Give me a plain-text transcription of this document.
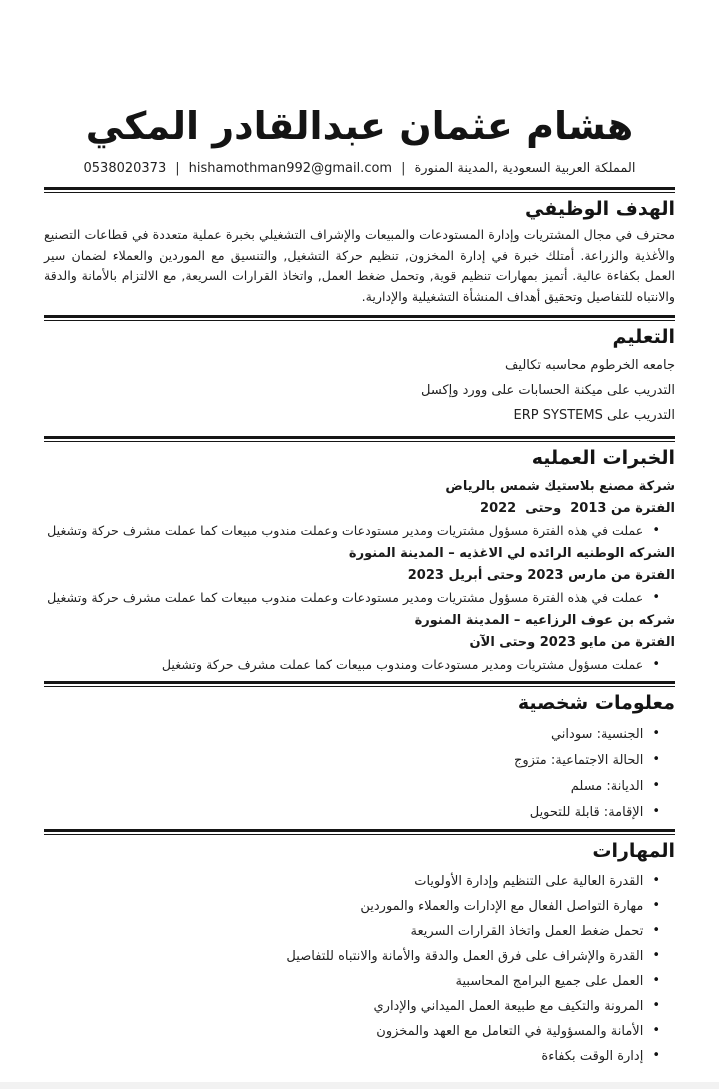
هشام عثمان عبدالقادر المكي
المملكة العربية السعودية ,المدينة المنورة
|
hishamothman992@gmail.com
|
0538020373
الهدف الوظيفي

محترف في مجال المشتريات وإدارة المستودعات والمبيعات والإشراف التشغيلي بخبرة عملية متعددة في قطاعات التصنيع والأغذية والزراعة. أمتلك خبرة في إدارة المخزون, تنظيم حركة التشغيل, والتنسيق مع الموردين والعملاء لضمان سير العمل بكفاءة عالية. أتميز بمهارات تنظيم قوية, وتحمل ضغط العمل, واتخاذ القرارات السريعة, مع الالتزام بالأمانة والدقة والانتباه للتفاصيل وتحقيق أهداف المنشأة التشغيلية والإدارية.

التعليم
جامعه الخرطوم محاسبه تكاليف
التدريب على ميكنة الحسابات على وورد وإكسل
التدريب على ERP SYSTEMS
الخبرات العمليه
شركة مصنع بلاستيك شمس بالرياض
الفترة من 2013  وحتى  2022
•
عملت في هذه الفترة مسؤول مشتريات ومدير مستودعات وعملت مندوب مبيعات كما عملت مشرف حركة وتشغيل
الشركه الوطنيه الرائده لي الاغذيه – المدينة المنورة
الفترة من مارس 2023 وحتى أبريل 2023
•
عملت في هذه الفترة مسؤول مشتريات ومدير مستودعات وعملت مندوب مبيعات كما عملت مشرف حركة وتشغيل
شركه بن عوف الرزاعيه – المدينة المنورة
الفترة من مايو 2023 وحتى الآن
•
عملت مسؤول مشتريات ومدير مستودعات ومندوب مبيعات كما عملت مشرف حركة وتشغيل
معلومات شخصية
•
الجنسية: سوداني
•
الحالة الاجتماعية: متزوج
•
الديانة: مسلم
•
الإقامة: قابلة للتحويل
المهارات
•
القدرة العالية على التنظيم وإدارة الأولويات
•
مهارة التواصل الفعال مع الإدارات والعملاء والموردين
•
تحمل ضغط العمل واتخاذ القرارات السريعة
•
القدرة والإشراف على فرق العمل والدقة والأمانة والانتباه للتفاصيل
•
العمل على جميع البرامج المحاسبية
•
المرونة والتكيف مع طبيعة العمل الميداني والإداري
•
الأمانة والمسؤولية في التعامل مع العهد والمخزون
•
إدارة الوقت بكفاءة
